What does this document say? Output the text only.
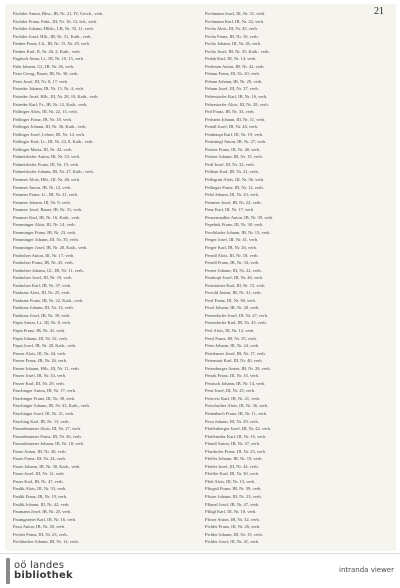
21
Pachtler Anton, Bkw., IB, Nr. 21, IV, Gesch., verh.
Pachtler Franz, Fnkt., III, Nr. 16, 12, led., verh.
Pachtler Johann, Hlfsb., LB, Nr. 35, 11, verh.
Pachtler Josef, Hfb., IB, Nr. 31, Kath., verh.
Padner Franz, Llt., IB, Nr. 15, Nr. 29, verh.
Padner Karl, II, Nr. 26, 2, Kath., verh.
Pagitsch Anna, Lt., III, Nr. 10, 15, verh.
Pahr Johann, Gl., IB, Nr. 26, verh.
Paier Georg, Bauer, IB, Nr. 30, verh.
Paier Josef, III, Nr. 8, 17, verh.
Paireder Johann, IB, Nr. 15, Nr. 4, verh.
Paireder Josef, Hfb., III, Nr. 28, 10, Kath., verh.
Paireder Karl, Fr., IB, Nr. 12, Kath., verh.
Palfinger Alois, III, Nr. 22, 13, verh.
Palfinger Franz, IB, Nr. 18, verh.
Palfinger Johann, III, Nr. 36, Kath., verh.
Palfinger Josef, Lehrer, IB, Nr. 14, verh.
Palfinger Karl, Lt., IB, Nr. 24, 8, Kath., verh.
Palfinger Maria, III, Nr. 42, verh.
Palmetshofer Anton, IB, Nr. 33, verh.
Palmetshofer Franz, III, Nr. 15, verh.
Palmetshofer Johann, IB, Nr. 27, Kath., verh.
Pammer Alois, Hfb., III, Nr. 46, verh.
Pammer Anton, IB, Nr. 12, verh.
Pammer Franz, Lt., IB, Nr. 21, verh.
Pammer Johann, III, Nr. 9, verh.
Pammer Josef, Bauer, IB, Nr. 31, verh.
Pammer Karl, IB, Nr. 16, Kath., verh.
Pamminger Alois, III, Nr. 14, verh.
Pamminger Franz, IB, Nr. 23, verh.
Pamminger Johann, III, Nr. 35, verh.
Pamminger Josef, IB, Nr. 28, Kath., verh.
Panholzer Anton, III, Nr. 17, verh.
Panholzer Franz, IB, Nr. 45, verh.
Panholzer Johann, Gl., IB, Nr. 11, verh.
Panholzer Josef, III, Nr. 19, verh.
Panholzer Karl, IB, Nr. 37, verh.
Pankratz Alois, III, Nr. 25, verh.
Pankratz Franz, IB, Nr. 22, Kath., verh.
Pankratz Johann, III, Nr. 13, verh.
Pankratz Josef, IB, Nr. 39, verh.
Papst Anton, Lt., III, Nr. 8, verh.
Papst Franz, IB, Nr. 41, verh.
Papst Johann, III, Nr. 32, verh.
Papst Josef, IB, Nr. 20, Kath., verh.
Parzer Alois, III, Nr. 44, verh.
Parzer Franz, IB, Nr. 26, verh.
Parzer Johann, Hfb., III, Nr. 11, verh.
Parzer Josef, IB, Nr. 34, verh.
Parzer Karl, III, Nr. 29, verh.
Paschinger Anton, IB, Nr. 17, verh.
Paschinger Franz, III, Nr. 38, verh.
Paschinger Johann, IB, Nr. 43, Kath., verh.
Paschinger Josef, III, Nr. 21, verh.
Pasching Karl, IB, Nr. 13, verh.
Passenbrunner Alois, III, Nr. 27, verh.
Passenbrunner Franz, IB, Nr. 36, verh.
Passenbrunner Johann, III, Nr. 18, verh.
Pauer Anton, IB, Nr. 40, verh.
Pauer Franz, III, Nr. 24, verh.
Pauer Johann, IB, Nr. 30, Kath., verh.
Pauer Josef, III, Nr. 12, verh.
Pauer Karl, IB, Nr. 47, verh.
Paulik Alois, III, Nr. 33, verh.
Paulik Franz, IB, Nr. 19, verh.
Paulik Johann, III, Nr. 42, verh.
Paumann Josef, IB, Nr. 25, verh.
Paumgartner Karl, III, Nr. 16, verh.
Paxa Anton, IB, Nr. 38, verh.
Pecher Franz, III, Nr. 23, verh.
Pechhacker Johann, IB, Nr. 14, verh.
Pechmann Josef, III, Nr. 31, verh.
Pechmann Karl, IB, Nr. 22, verh.
Pecho Alois, III, Nr. 45, verh.
Pecho Franz, IB, Nr. 10, verh.
Pecho Johann, III, Nr. 26, verh.
Pecho Josef, IB, Nr. 35, Kath., verh.
Pedak Karl, III, Nr. 14, verh.
Pedersen Anton, IB, Nr. 42, verh.
Peham Franz, III, Nr. 20, verh.
Peham Johann, IB, Nr. 29, verh.
Peham Josef, III, Nr. 37, verh.
Peherstorfer Karl, IB, Nr. 16, verh.
Peherstorfer Alois, III, Nr. 28, verh.
Peil Franz, IB, Nr. 33, verh.
Peilstein Johann, III, Nr. 11, verh.
Peindl Josef, IB, Nr. 44, verh.
Peinhaupt Karl, III, Nr. 19, verh.
Peinstingl Anton, IB, Nr. 27, verh.
Peisser Franz, III, Nr. 40, verh.
Peisser Johann, IB, Nr. 15, verh.
Peitl Josef, III, Nr. 32, verh.
Pelikan Karl, IB, Nr. 21, verh.
Pellegrini Alois, III, Nr. 36, verh.
Pellinger Franz, IB, Nr. 12, verh.
Pelzl Johann, III, Nr. 43, verh.
Pemmer Josef, IB, Nr. 24, verh.
Penz Karl, III, Nr. 17, verh.
Penzenstadler Anton, IB, Nr. 39, verh.
Pepelnik Franz, III, Nr. 30, verh.
Perchthaler Johann, IB, Nr. 13, verh.
Perger Josef, III, Nr. 41, verh.
Perger Karl, IB, Nr. 26, verh.
Perndl Alois, III, Nr. 18, verh.
Perndl Franz, IB, Nr. 34, verh.
Perner Johann, III, Nr. 22, verh.
Pernkopf Josef, IB, Nr. 46, verh.
Pernsteiner Karl, III, Nr. 15, verh.
Perschl Anton, IB, Nr. 31, verh.
Pertl Franz, III, Nr. 38, verh.
Perzl Johann, IB, Nr. 20, verh.
Pesendorfer Josef, III, Nr. 27, verh.
Pesendorfer Karl, IB, Nr. 43, verh.
Pesl Alois, III, Nr. 12, verh.
Pessl Franz, IB, Nr. 35, verh.
Peter Johann, III, Nr. 24, verh.
Peterbauer Josef, IB, Nr. 17, verh.
Petermair Karl, III, Nr. 40, verh.
Petersberger Anton, IB, Nr. 28, verh.
Petrak Franz, III, Nr. 33, verh.
Petrasch Johann, IB, Nr. 14, verh.
Petri Josef, III, Nr. 45, verh.
Petrovic Karl, IB, Nr. 21, verh.
Petschacher Alois, III, Nr. 36, verh.
Pettenbach Franz, IB, Nr. 11, verh.
Pexa Johann, III, Nr. 29, verh.
Pfaffenberger Josef, IB, Nr. 42, verh.
Pfaffeneder Karl, III, Nr. 16, verh.
Pfandl Anton, IB, Nr. 37, verh.
Pfarrhofer Franz, III, Nr. 25, verh.
Pfeffer Johann, IB, Nr. 19, verh.
Pfeifer Josef, III, Nr. 44, verh.
Pfeiffer Karl, IB, Nr. 30, verh.
Pfeil Alois, III, Nr. 13, verh.
Pfingstl Franz, IB, Nr. 39, verh.
Pfister Johann, III, Nr. 23, verh.
Pflanzl Josef, IB, Nr. 47, verh.
Pflügl Karl, III, Nr. 18, verh.
Pfoser Anton, IB, Nr. 32, verh.
Pichler Franz, III, Nr. 26, verh.
Pichler Johann, IB, Nr. 15, verh.
Pichler Josef, III, Nr. 41, verh.
oö landes
bibliothek	intranda viewer
